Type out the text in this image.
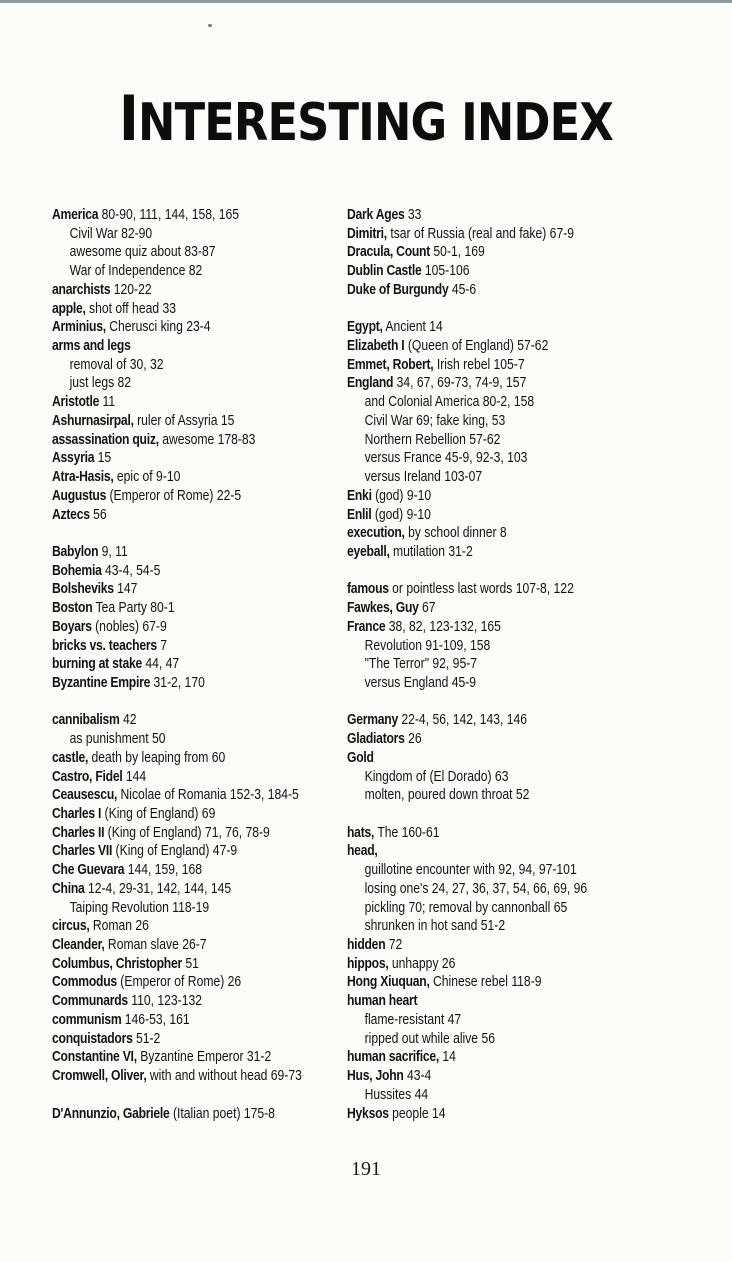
INTERESTING INDEX
America 80-90, 111, 144, 158, 165
Civil War 82-90
awesome quiz about 83-87
War of Independence 82
anarchists 120-22
apple, shot off head 33
Arminius, Cherusci king 23-4
arms and legs
removal of 30, 32
just legs 82
Aristotle 11
Ashurnasirpal, ruler of Assyria 15
assassination quiz, awesome 178-83
Assyria 15
Atra-Hasis, epic of 9-10
Augustus (Emperor of Rome) 22-5
Aztecs 56
Babylon 9, 11
Bohemia 43-4, 54-5
Bolsheviks 147
Boston Tea Party 80-1
Boyars (nobles) 67-9
bricks vs. teachers 7
burning at stake 44, 47
Byzantine Empire 31-2, 170
cannibalism 42
as punishment 50
castle, death by leaping from 60
Castro, Fidel 144
Ceausescu, Nicolae of Romania 152-3, 184-5
Charles I (King of England) 69
Charles II (King of England) 71, 76, 78-9
Charles VII (King of England) 47-9
Che Guevara 144, 159, 168
China 12-4, 29-31, 142, 144, 145
Taiping Revolution 118-19
circus, Roman 26
Cleander, Roman slave 26-7
Columbus, Christopher 51
Commodus (Emperor of Rome) 26
Communards 110, 123-132
communism 146-53, 161
conquistadors 51-2
Constantine VI, Byzantine Emperor 31-2
Cromwell, Oliver, with and without head 69-73
D'Annunzio, Gabriele (Italian poet) 175-8
Dark Ages 33
Dimitri, tsar of Russia (real and fake) 67-9
Dracula, Count 50-1, 169
Dublin Castle 105-106
Duke of Burgundy 45-6
Egypt, Ancient 14
Elizabeth I (Queen of England) 57-62
Emmet, Robert, Irish rebel 105-7
England 34, 67, 69-73, 74-9, 157
and Colonial America 80-2, 158
Civil War 69; fake king, 53
Northern Rebellion 57-62
versus France 45-9, 92-3, 103
versus Ireland 103-07
Enki (god) 9-10
Enlil (god) 9-10
execution, by school dinner 8
eyeball, mutilation 31-2
famous or pointless last words 107-8, 122
Fawkes, Guy 67
France 38, 82, 123-132, 165
Revolution 91-109, 158
"The Terror" 92, 95-7
versus England 45-9
Germany 22-4, 56, 142, 143, 146
Gladiators 26
Gold
Kingdom of (El Dorado) 63
molten, poured down throat 52
hats, The 160-61
head,
guillotine encounter with 92, 94, 97-101
losing one's 24, 27, 36, 37, 54, 66, 69, 96
pickling 70; removal by cannonball 65
shrunken in hot sand 51-2
hidden 72
hippos, unhappy 26
Hong Xiuquan, Chinese rebel 118-9
human heart
flame-resistant 47
ripped out while alive 56
human sacrifice, 14
Hus, John 43-4
Hussites 44
Hyksos people 14
191
